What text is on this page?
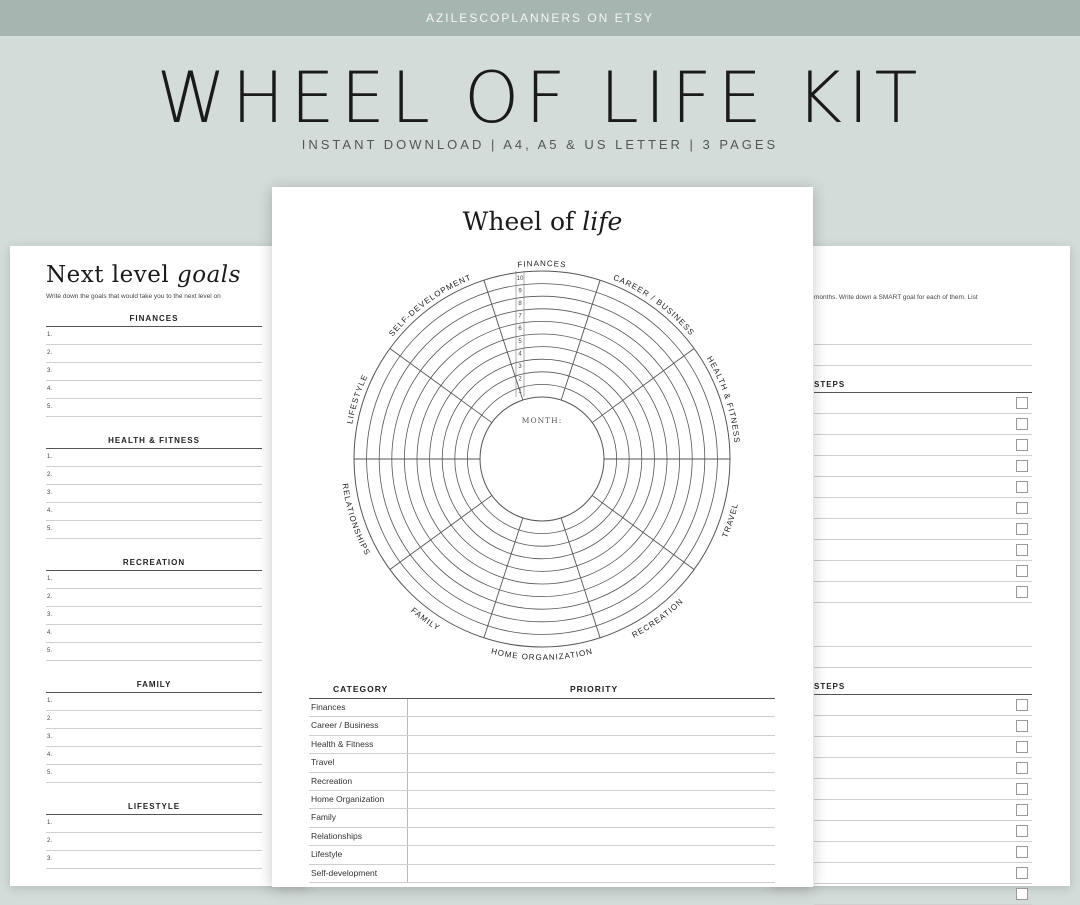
AZILESCOPLANNERS ON ETSY
WHEEL OF LIFE KIT
INSTANT DOWNLOAD | A4, A5 & US LETTER | 3 PAGES
Next level goals
Write down the goals that would take you to the next level on
FINANCES
1.
2.
3.
4.
5.
HEALTH & FITNESS
1.
2.
3.
4.
5.
RECREATION
1.
2.
3.
4.
5.
FAMILY
1.
2.
3.
4.
5.
LIFESTYLE
1.
2.
3.
months. Write down a SMART goal for each of them. List
STEPS
STEPS
Wheel of life
1
2
3
4
5
6
7
8
9
10
MONTH:
FINANCES
CAREER / BUSINESS
HEALTH & FITNESS
TRAVEL
RECREATION
HOME ORGANIZATION
FAMILY
RELATIONSHIPS
LIFESTYLE
SELF-DEVELOPMENT
CATEGORY	PRIORITY
Finances
Career / Business
Health & Fitness
Travel
Recreation
Home Organization
Family
Relationships
Lifestyle
Self-development
